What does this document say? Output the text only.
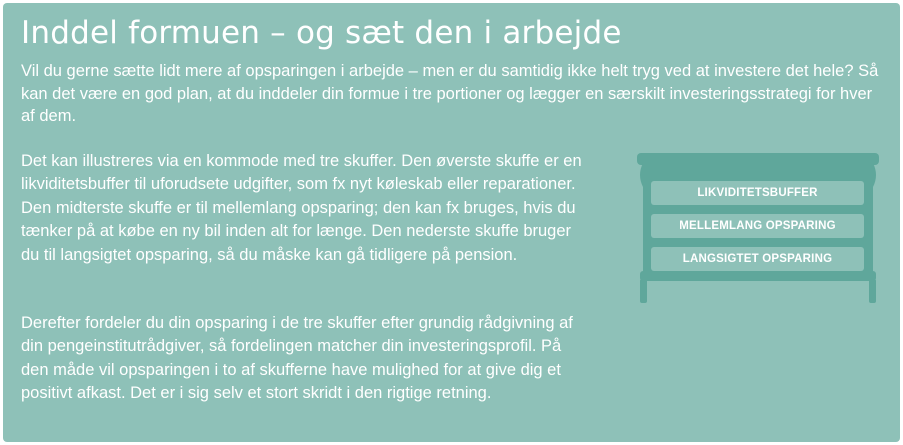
Inddel formuen – og sæt den i arbejde

Vil du gerne sætte lidt mere af opsparingen i arbejde – men er du samtidig ikke helt tryg ved at investere det hele? Så kan det være en god plan, at du inddeler din formue i tre portioner og lægger en særskilt investeringsstrategi for hver af dem.

Det kan illustreres via en kommode med tre skuffer. Den øverste skuffe er en likviditetsbuffer til uforudsete udgifter, som fx nyt køleskab eller reparationer. Den midterste skuffe er til mellemlang opsparing; den kan fx bruges, hvis du tænker på at købe en ny bil inden alt for længe. Den nederste skuffe bruger du til langsigtet opsparing, så du måske kan gå tidligere på pension.

Derefter fordeler du din opsparing i de tre skuffer efter grundig rådgivning af din pengeinstitutrådgiver, så fordelingen matcher din investeringsprofil. På den måde vil opsparingen i to af skufferne have mulighed for at give dig et positivt afkast. Det er i sig selv et stort skridt i den rigtige retning.

LIKVIDITETSBUFFER
MELLEMLANG OPSPARING
LANGSIGTET OPSPARING
